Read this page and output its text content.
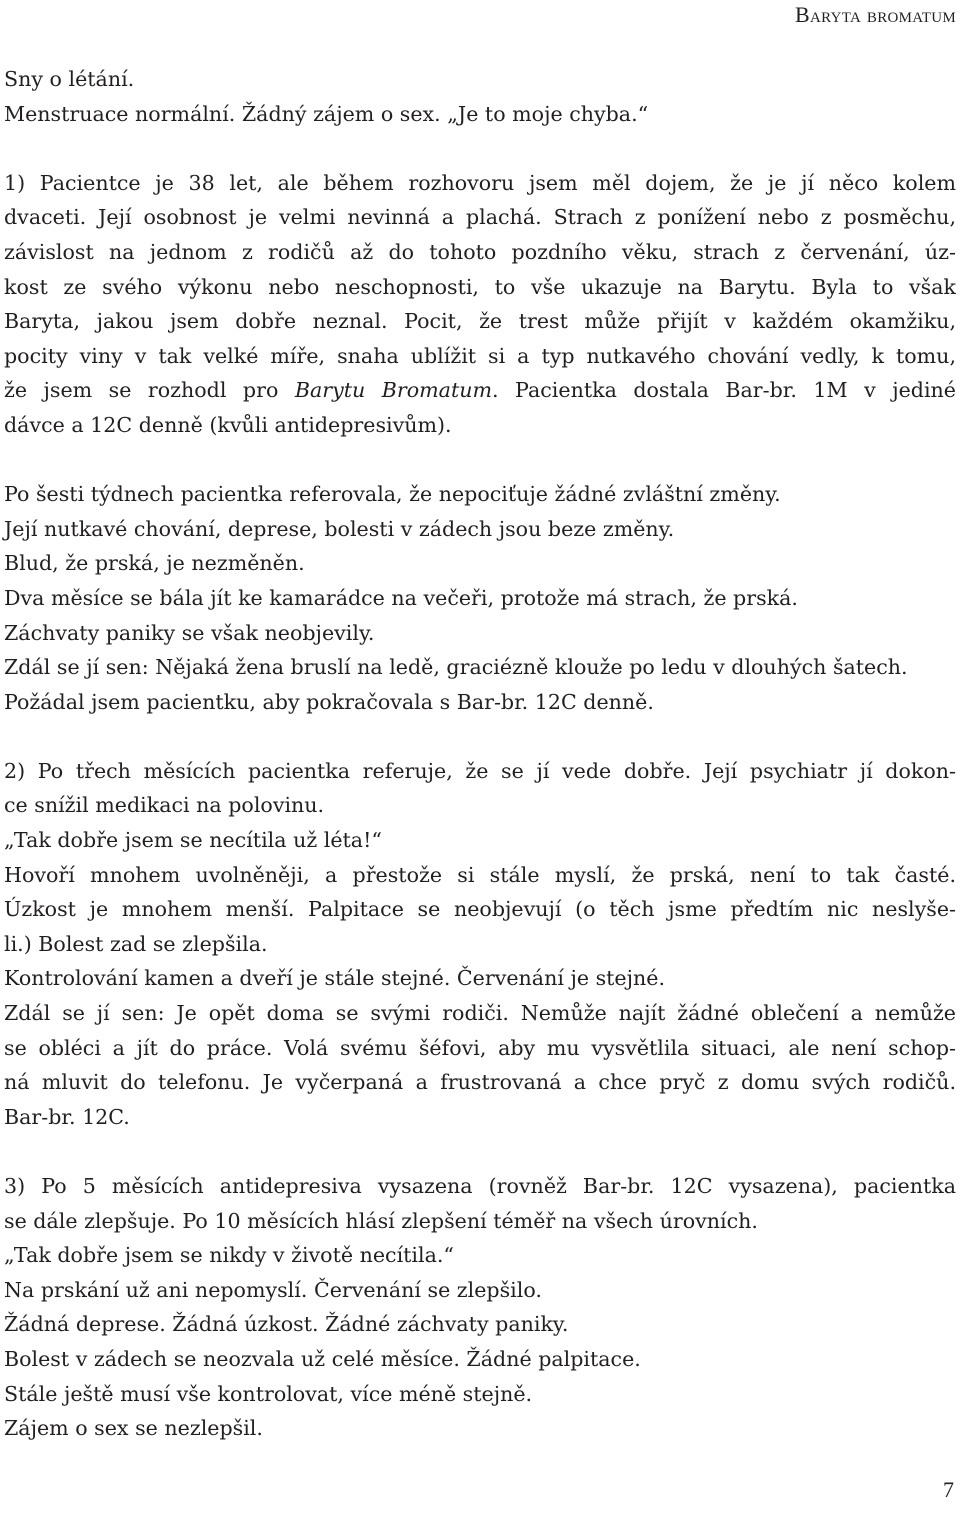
Baryta bromatum
Sny o létání.
Menstruace normální. Žádný zájem o sex. „Je to moje chyba.“
1) Pacientce je 38 let, ale během rozhovoru jsem měl dojem, že je jí něco kolem
dvaceti. Její osobnost je velmi nevinná a plachá. Strach z ponížení nebo z posměchu,
závislost na jednom z rodičů až do tohoto pozdního věku, strach z červenání, úz-
kost ze svého výkonu nebo neschopnosti, to vše ukazuje na Barytu. Byla to však
Baryta, jakou jsem dobře neznal. Pocit, že trest může přijít v každém okamžiku,
pocity viny v tak velké míře, snaha ublížit si a typ nutkavého chování vedly, k tomu,
že jsem se rozhodl pro Barytu Bromatum. Pacientka dostala Bar-br. 1M v jediné
dávce a 12C denně (kvůli antidepresivům).
Po šesti týdnech pacientka referovala, že nepociťuje žádné zvláštní změny.
Její nutkavé chování, deprese, bolesti v zádech jsou beze změny.
Blud, že prská, je nezměněn.
Dva měsíce se bála jít ke kamarádce na večeři, protože má strach, že prská.
Záchvaty paniky se však neobjevily.
Zdál se jí sen: Nějaká žena bruslí na ledě, graciézně klouže po ledu v dlouhých šatech.
Požádal jsem pacientku, aby pokračovala s Bar-br. 12C denně.
2) Po třech měsících pacientka referuje, že se jí vede dobře. Její psychiatr jí dokon-
ce snížil medikaci na polovinu.
„Tak dobře jsem se necítila už léta!“
Hovoří mnohem uvolněněji, a přestože si stále myslí, že prská, není to tak časté.
Úzkost je mnohem menší. Palpitace se neobjevují (o těch jsme předtím nic neslyše-
li.) Bolest zad se zlepšila.
Kontrolování kamen a dveří je stále stejné. Červenání je stejné.
Zdál se jí sen: Je opět doma se svými rodiči. Nemůže najít žádné oblečení a nemůže
se obléci a jít do práce. Volá svému šéfovi, aby mu vysvětlila situaci, ale není schop-
ná mluvit do telefonu. Je vyčerpaná a frustrovaná a chce pryč z domu svých rodičů.
Bar-br. 12C.
3) Po 5 měsících antidepresiva vysazena (rovněž Bar-br. 12C vysazena), pacientka
se dále zlepšuje. Po 10 měsících hlásí zlepšení téměř na všech úrovních.
„Tak dobře jsem se nikdy v životě necítila.“
Na prskání už ani nepomyslí. Červenání se zlepšilo.
Žádná deprese. Žádná úzkost. Žádné záchvaty paniky.
Bolest v zádech se neozvala už celé měsíce. Žádné palpitace.
Stále ještě musí vše kontrolovat, více méně stejně.
Zájem o sex se nezlepšil.
7
